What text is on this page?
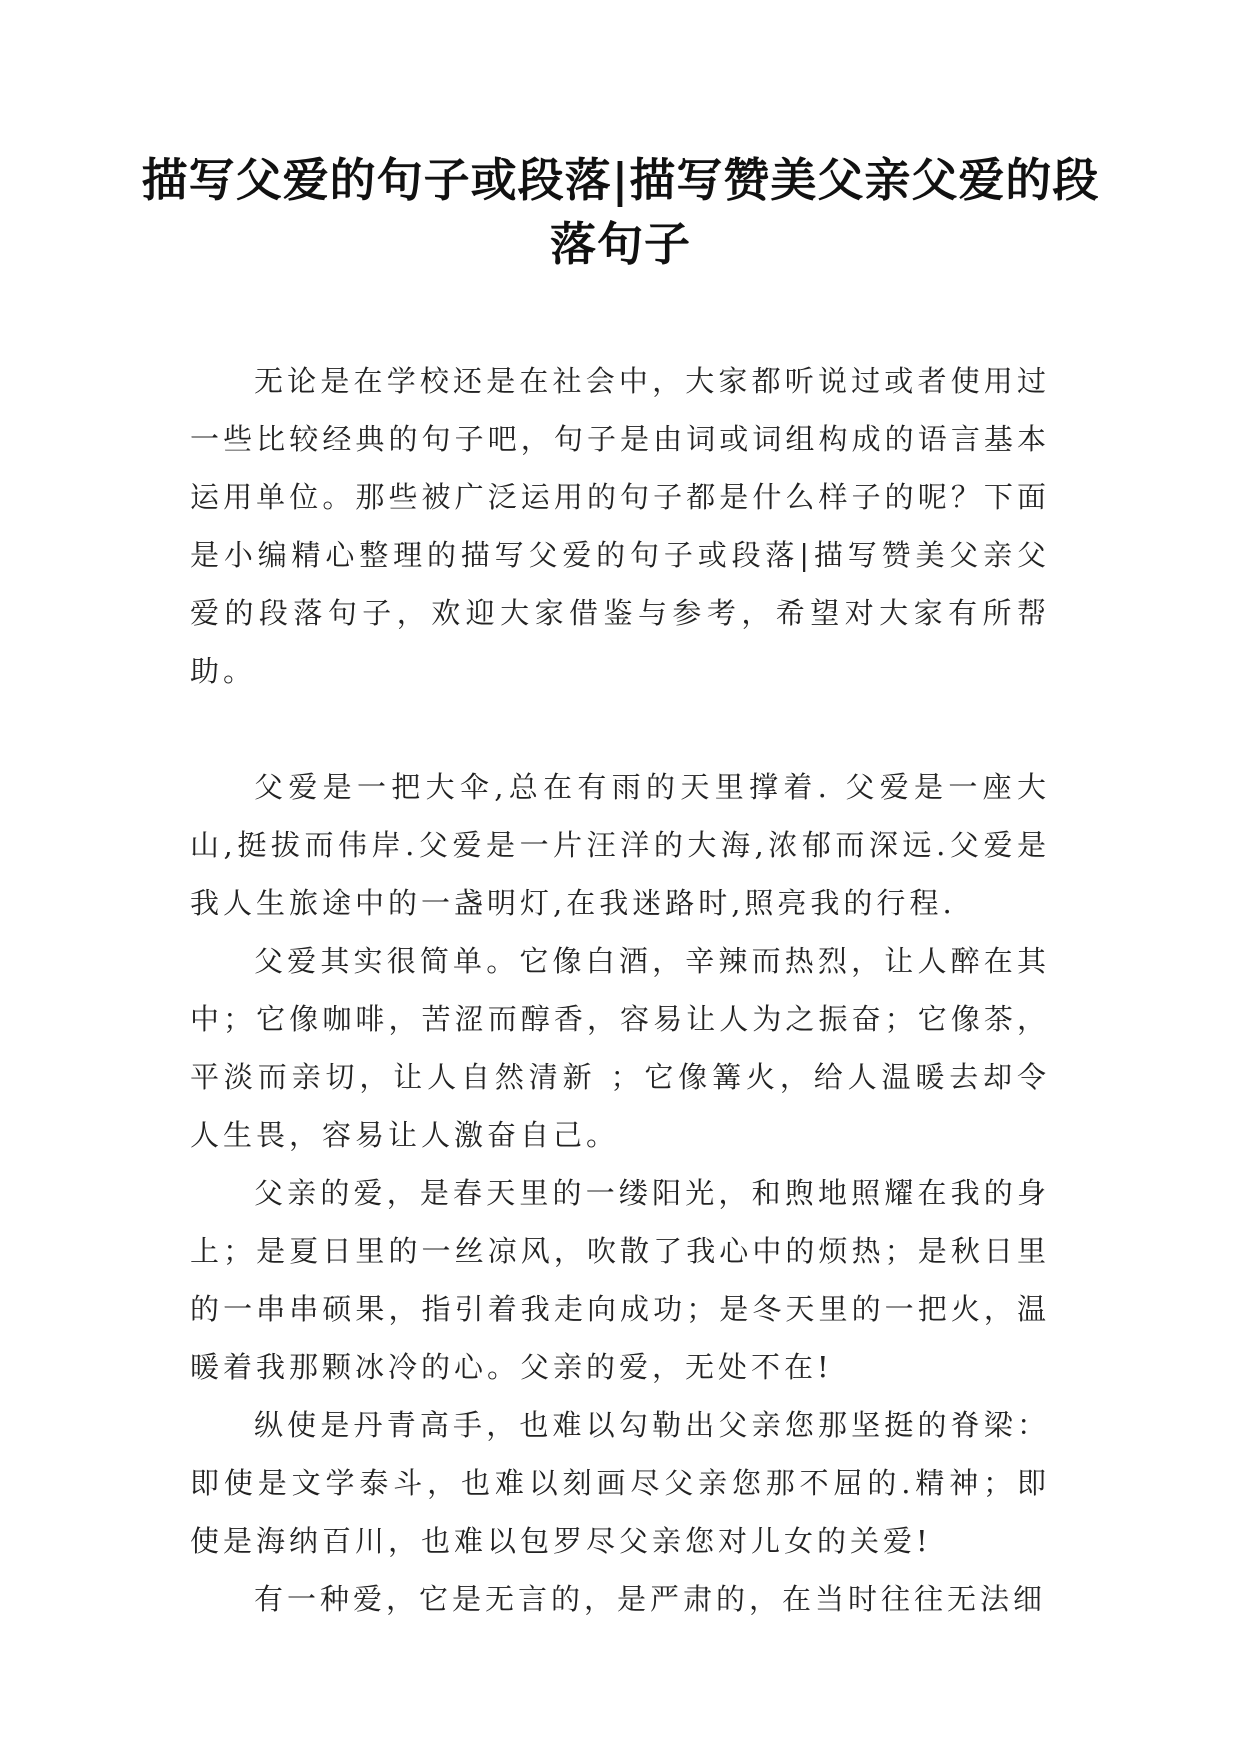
描写父爱的句子或段落|描写赞美父亲父爱的段落句子

无论是在学校还是在社会中，大家都听说过或者使用过一些比较经典的句子吧，句子是由词或词组构成的语言基本运用单位。那些被广泛运用的句子都是什么样子的呢？下面是小编精心整理的描写父爱的句子或段落|描写赞美父亲父爱的段落句子，欢迎大家借鉴与参考，希望对大家有所帮助。

父爱是一把大伞,总在有雨的天里撑着. 父爱是一座大山,挺拔而伟岸.父爱是一片汪洋的大海,浓郁而深远.父爱是我人生旅途中的一盏明灯,在我迷路时,照亮我的行程.

父爱其实很简单。它像白酒，辛辣而热烈，让人醉在其中；它像咖啡，苦涩而醇香，容易让人为之振奋；它像茶，平淡而亲切，让人自然清新 ；它像篝火，给人温暖去却令人生畏，容易让人激奋自己。

父亲的爱，是春天里的一缕阳光，和煦地照耀在我的身上；是夏日里的一丝凉风，吹散了我心中的烦热；是秋日里的一串串硕果，指引着我走向成功；是冬天里的一把火，温暖着我那颗冰冷的心。父亲的爱，无处不在!

纵使是丹青高手，也难以勾勒出父亲您那坚挺的脊梁：即使是文学泰斗，也难以刻画尽父亲您那不屈的.精神；即使是海纳百川，也难以包罗尽父亲您对儿女的关爱!

有一种爱，它是无言的，是严肃的，在当时往往无法细
